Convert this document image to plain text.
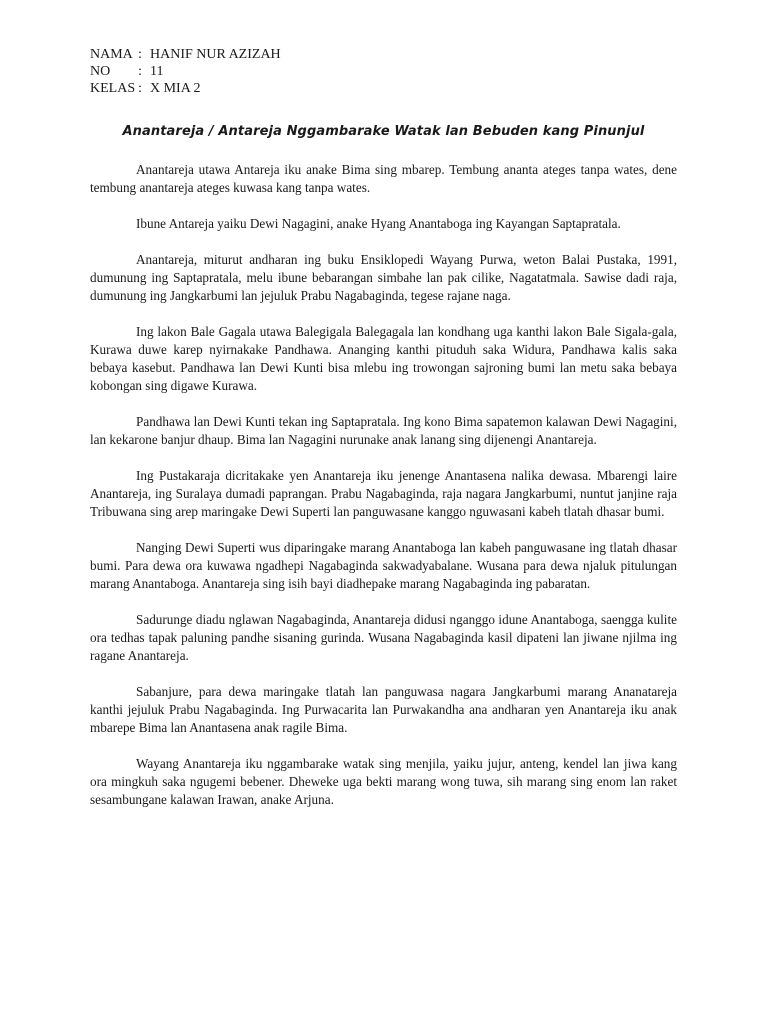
NAMA : HANIF NUR AZIZAH
NO	: 11
KELAS : X MIA 2
Anantareja / Antareja Nggambarake Watak lan Bebuden kang Pinunjul

Anantareja utawa Antareja iku anake Bima sing mbarep. Tembung ananta ateges tanpa wates, dene tembung anantareja ateges kuwasa kang tanpa wates.

Ibune Antareja yaiku Dewi Nagagini, anake Hyang Anantaboga ing Kayangan Saptapratala.

Anantareja, miturut andharan ing buku Ensiklopedi Wayang Purwa, weton Balai Pustaka, 1991, dumunung ing Saptapratala, melu ibune bebarangan simbahe lan pak cilike, Nagatatmala. Sawise dadi raja, dumunung ing Jangkarbumi lan jejuluk Prabu Nagabaginda, tegese rajane naga.

Ing lakon Bale Gagala utawa Balegigala Balegagala lan kondhang uga kanthi lakon Bale Sigala-gala, Kurawa duwe karep nyirnakake Pandhawa. Ananging kanthi pituduh saka Widura, Pandhawa kalis saka bebaya kasebut. Pandhawa lan Dewi Kunti bisa mlebu ing trowongan sajroning bumi lan metu saka bebaya kobongan sing digawe Kurawa.

Pandhawa lan Dewi Kunti tekan ing Saptapratala. Ing kono Bima sapatemon kalawan Dewi Nagagini, lan kekarone banjur dhaup. Bima lan Nagagini nurunake anak lanang sing dijenengi Anantareja.

Ing Pustakaraja dicritakake yen Anantareja iku jenenge Anantasena nalika dewasa. Mbarengi laire Anantareja, ing Suralaya dumadi paprangan. Prabu Nagabaginda, raja nagara Jangkarbumi, nuntut janjine raja Tribuwana sing arep maringake Dewi Superti lan panguwasane kanggo nguwasani kabeh tlatah dhasar bumi.

Nanging Dewi Superti wus diparingake marang Anantaboga lan kabeh panguwasane ing tlatah dhasar bumi. Para dewa ora kuwawa ngadhepi Nagabaginda sakwadyabalane. Wusana para dewa njaluk pitulungan marang Anantaboga. Anantareja sing isih bayi diadhepake marang Nagabaginda ing pabaratan.

Sadurunge diadu nglawan Nagabaginda, Anantareja didusi nganggo idune Anantaboga, saengga kulite ora tedhas tapak paluning pandhe sisaning gurinda. Wusana Nagabaginda kasil dipateni lan jiwane njilma ing ragane Anantareja.

Sabanjure, para dewa maringake tlatah lan panguwasa nagara Jangkarbumi marang Ananatareja kanthi jejuluk Prabu Nagabaginda. Ing Purwacarita lan Purwakandha ana andharan yen Anantareja iku anak mbarepe Bima lan Anantasena anak ragile Bima.

Wayang Anantareja iku nggambarake watak sing menjila, yaiku jujur, anteng, kendel lan jiwa kang ora mingkuh saka ngugemi bebener. Dheweke uga bekti marang wong tuwa, sih marang sing enom lan raket sesambungane kalawan Irawan, anake Arjuna.
